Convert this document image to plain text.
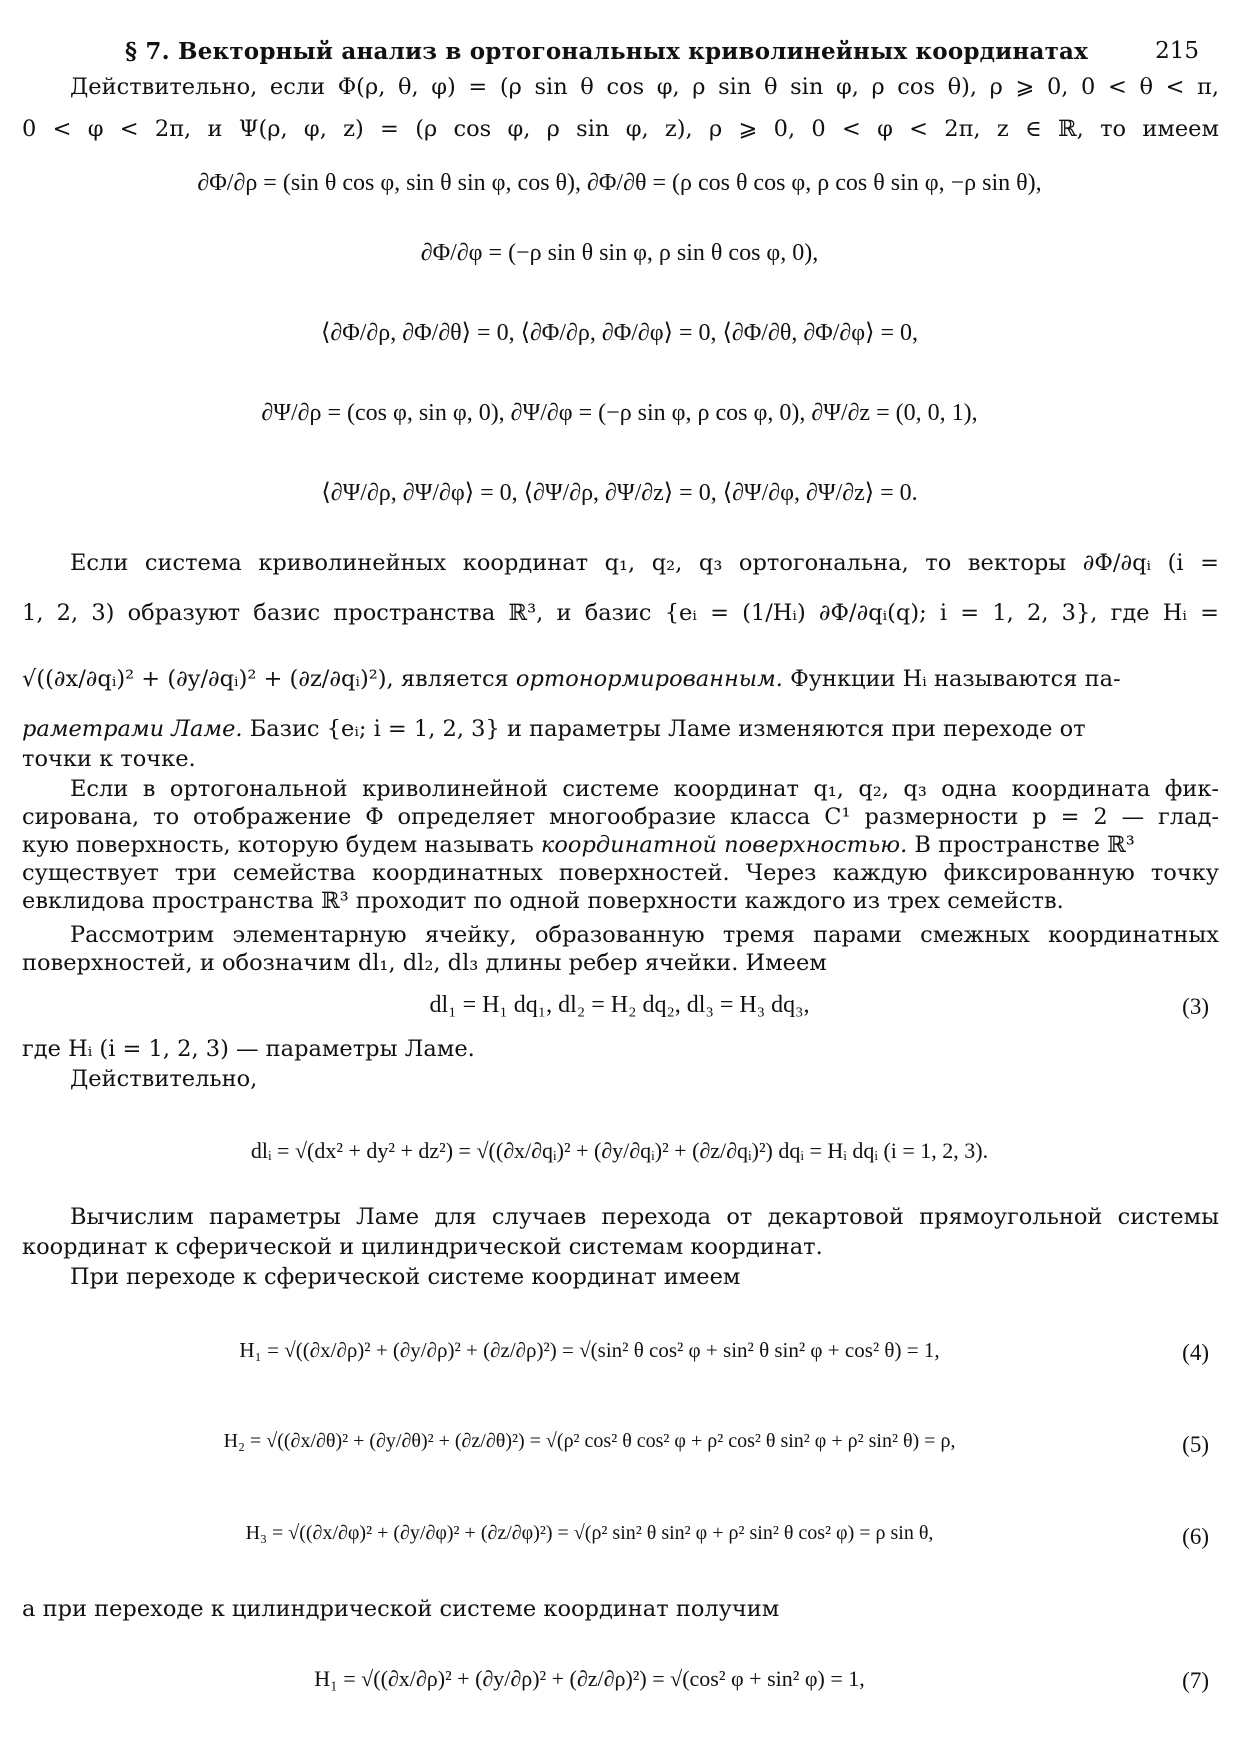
§ 7. Векторный анализ в ортогональных криволинейных координатах	215
Действительно, если Φ(ρ, θ, φ) = (ρ sin θ cos φ, ρ sin θ sin φ, ρ cos θ), ρ ⩾ 0, 0 < θ < π,
0 < φ < 2π, и Ψ(ρ, φ, z) = (ρ cos φ, ρ sin φ, z), ρ ⩾ 0, 0 < φ < 2π, z ∈ ℝ, то имеем
∂Φ/∂ρ = (sin θ cos φ, sin θ sin φ, cos θ), ∂Φ/∂θ = (ρ cos θ cos φ, ρ cos θ sin φ, −ρ sin θ),
∂Φ/∂φ = (−ρ sin θ sin φ, ρ sin θ cos φ, 0),
⟨∂Φ/∂ρ, ∂Φ/∂θ⟩ = 0, ⟨∂Φ/∂ρ, ∂Φ/∂φ⟩ = 0, ⟨∂Φ/∂θ, ∂Φ/∂φ⟩ = 0,
∂Ψ/∂ρ = (cos φ, sin φ, 0), ∂Ψ/∂φ = (−ρ sin φ, ρ cos φ, 0), ∂Ψ/∂z = (0, 0, 1),
⟨∂Ψ/∂ρ, ∂Ψ/∂φ⟩ = 0, ⟨∂Ψ/∂ρ, ∂Ψ/∂z⟩ = 0, ⟨∂Ψ/∂φ, ∂Ψ/∂z⟩ = 0.
Если система криволинейных координат q₁, q₂, q₃ ортогональна, то векторы ∂Φ/∂qᵢ (i =
1, 2, 3) образуют базис пространства ℝ³, и базис {eᵢ = (1/Hᵢ) ∂Φ/∂qᵢ(q); i = 1, 2, 3}, где Hᵢ =
√((∂x/∂qᵢ)² + (∂y/∂qᵢ)² + (∂z/∂qᵢ)²), является ортонормированным. Функции Hᵢ называются па-
раметрами Ламе. Базис {eᵢ; i = 1, 2, 3} и параметры Ламе изменяются при переходе от
точки к точке.
Если в ортогональной криволинейной системе координат q₁, q₂, q₃ одна координата фик-
сирована, то отображение Φ определяет многообразие класса C¹ размерности p = 2 — глад-
кую поверхность, которую будем называть координатной поверхностью. В пространстве ℝ³
существует три семейства координатных поверхностей. Через каждую фиксированную точку
евклидова пространства ℝ³ проходит по одной поверхности каждого из трех семейств.
Рассмотрим элементарную ячейку, образованную тремя парами смежных координатных
поверхностей, и обозначим dl₁, dl₂, dl₃ длины ребер ячейки. Имеем
dl₁ = H₁ dq₁, dl₂ = H₂ dq₂, dl₃ = H₃ dq₃,	(3)
где Hᵢ (i = 1, 2, 3) — параметры Ламе.
Действительно,
dlᵢ = √(dx² + dy² + dz²) = √((∂x/∂qᵢ)² + (∂y/∂qᵢ)² + (∂z/∂qᵢ)²) dqᵢ = Hᵢ dqᵢ (i = 1, 2, 3).
Вычислим параметры Ламе для случаев перехода от декартовой прямоугольной системы
координат к сферической и цилиндрической системам координат.
При переходе к сферической системе координат имеем
H₁ = √((∂x/∂ρ)² + (∂y/∂ρ)² + (∂z/∂ρ)²) = √(sin² θ cos² φ + sin² θ sin² φ + cos² θ) = 1,	(4)
H₂ = √((∂x/∂θ)² + (∂y/∂θ)² + (∂z/∂θ)²) = √(ρ² cos² θ cos² φ + ρ² cos² θ sin² φ + ρ² sin² θ) = ρ,	(5)
H₃ = √((∂x/∂φ)² + (∂y/∂φ)² + (∂z/∂φ)²) = √(ρ² sin² θ sin² φ + ρ² sin² θ cos² φ) = ρ sin θ,	(6)
а при переходе к цилиндрической системе координат получим
H₁ = √((∂x/∂ρ)² + (∂y/∂ρ)² + (∂z/∂ρ)²) = √(cos² φ + sin² φ) = 1,	(7)
